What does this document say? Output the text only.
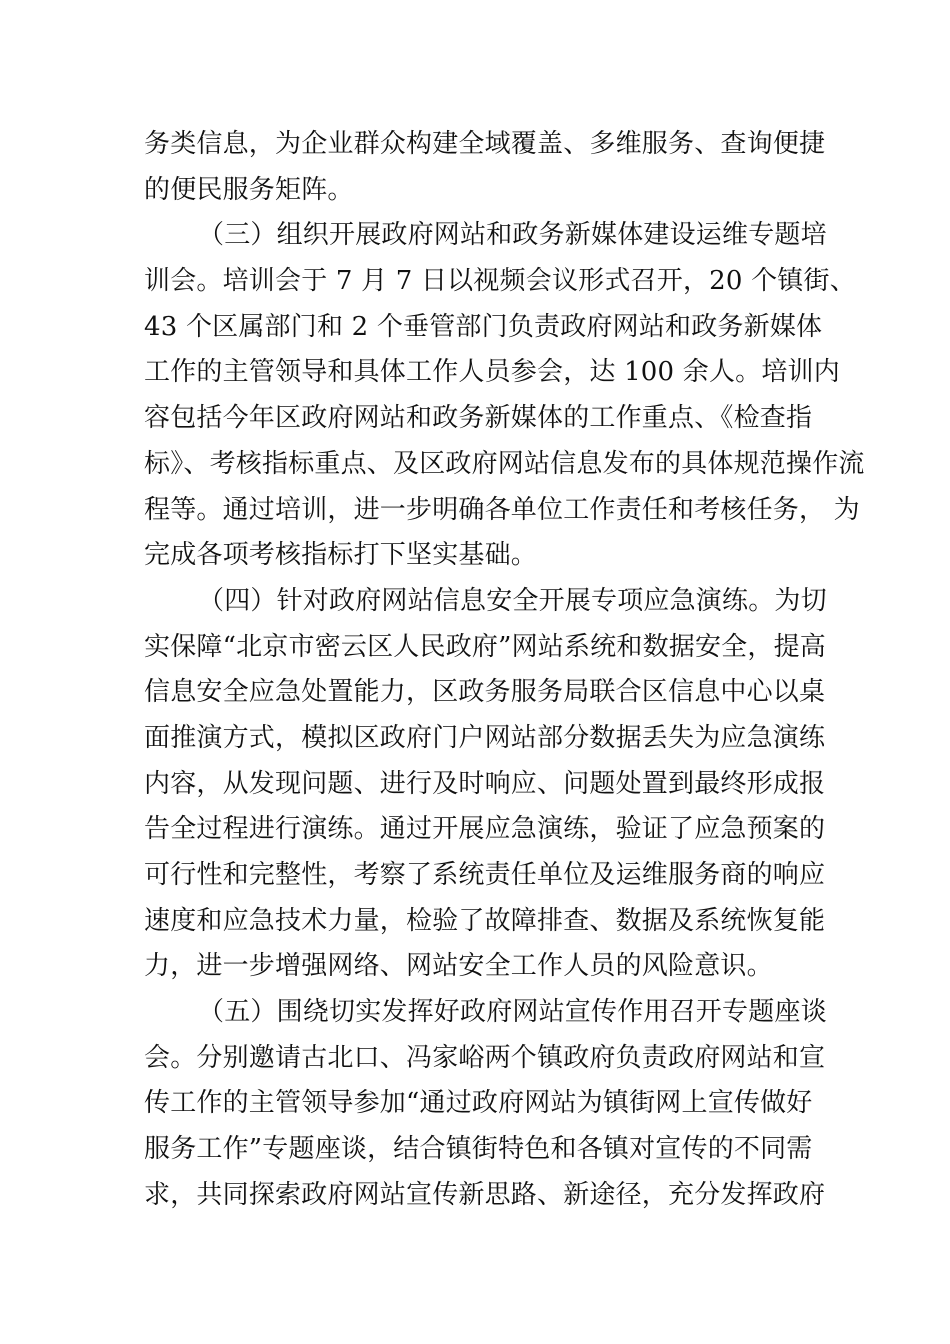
务类信息，为企业群众构建全域覆盖、多维服务、查询便捷
的便民服务矩阵。
（三）组织开展政府网站和政务新媒体建设运维专题培
训会。培训会于 7 月 7 日以视频会议形式召开，20 个镇街、
43 个区属部门和 2 个垂管部门负责政府网站和政务新媒体
工作的主管领导和具体工作人员参会，达 100 余人。培训内
容包括今年区政府网站和政务新媒体的工作重点、《检查指
标》、考核指标重点、及区政府网站信息发布的具体规范操作流
程等。通过培训，进一步明确各单位工作责任和考核任务， 为
完成各项考核指标打下坚实基础。
（四）针对政府网站信息安全开展专项应急演练。为切
实保障“北京市密云区人民政府”网站系统和数据安全，提高
信息安全应急处置能力，区政务服务局联合区信息中心以桌
面推演方式，模拟区政府门户网站部分数据丢失为应急演练
内容，从发现问题、进行及时响应、问题处置到最终形成报
告全过程进行演练。通过开展应急演练，验证了应急预案的
可行性和完整性，考察了系统责任单位及运维服务商的响应
速度和应急技术力量，检验了故障排查、数据及系统恢复能
力，进一步增强网络、网站安全工作人员的风险意识。
（五）围绕切实发挥好政府网站宣传作用召开专题座谈
会。分别邀请古北口、冯家峪两个镇政府负责政府网站和宣
传工作的主管领导参加“通过政府网站为镇街网上宣传做好
服务工作”专题座谈，结合镇街特色和各镇对宣传的不同需
求，共同探索政府网站宣传新思路、新途径，充分发挥政府
